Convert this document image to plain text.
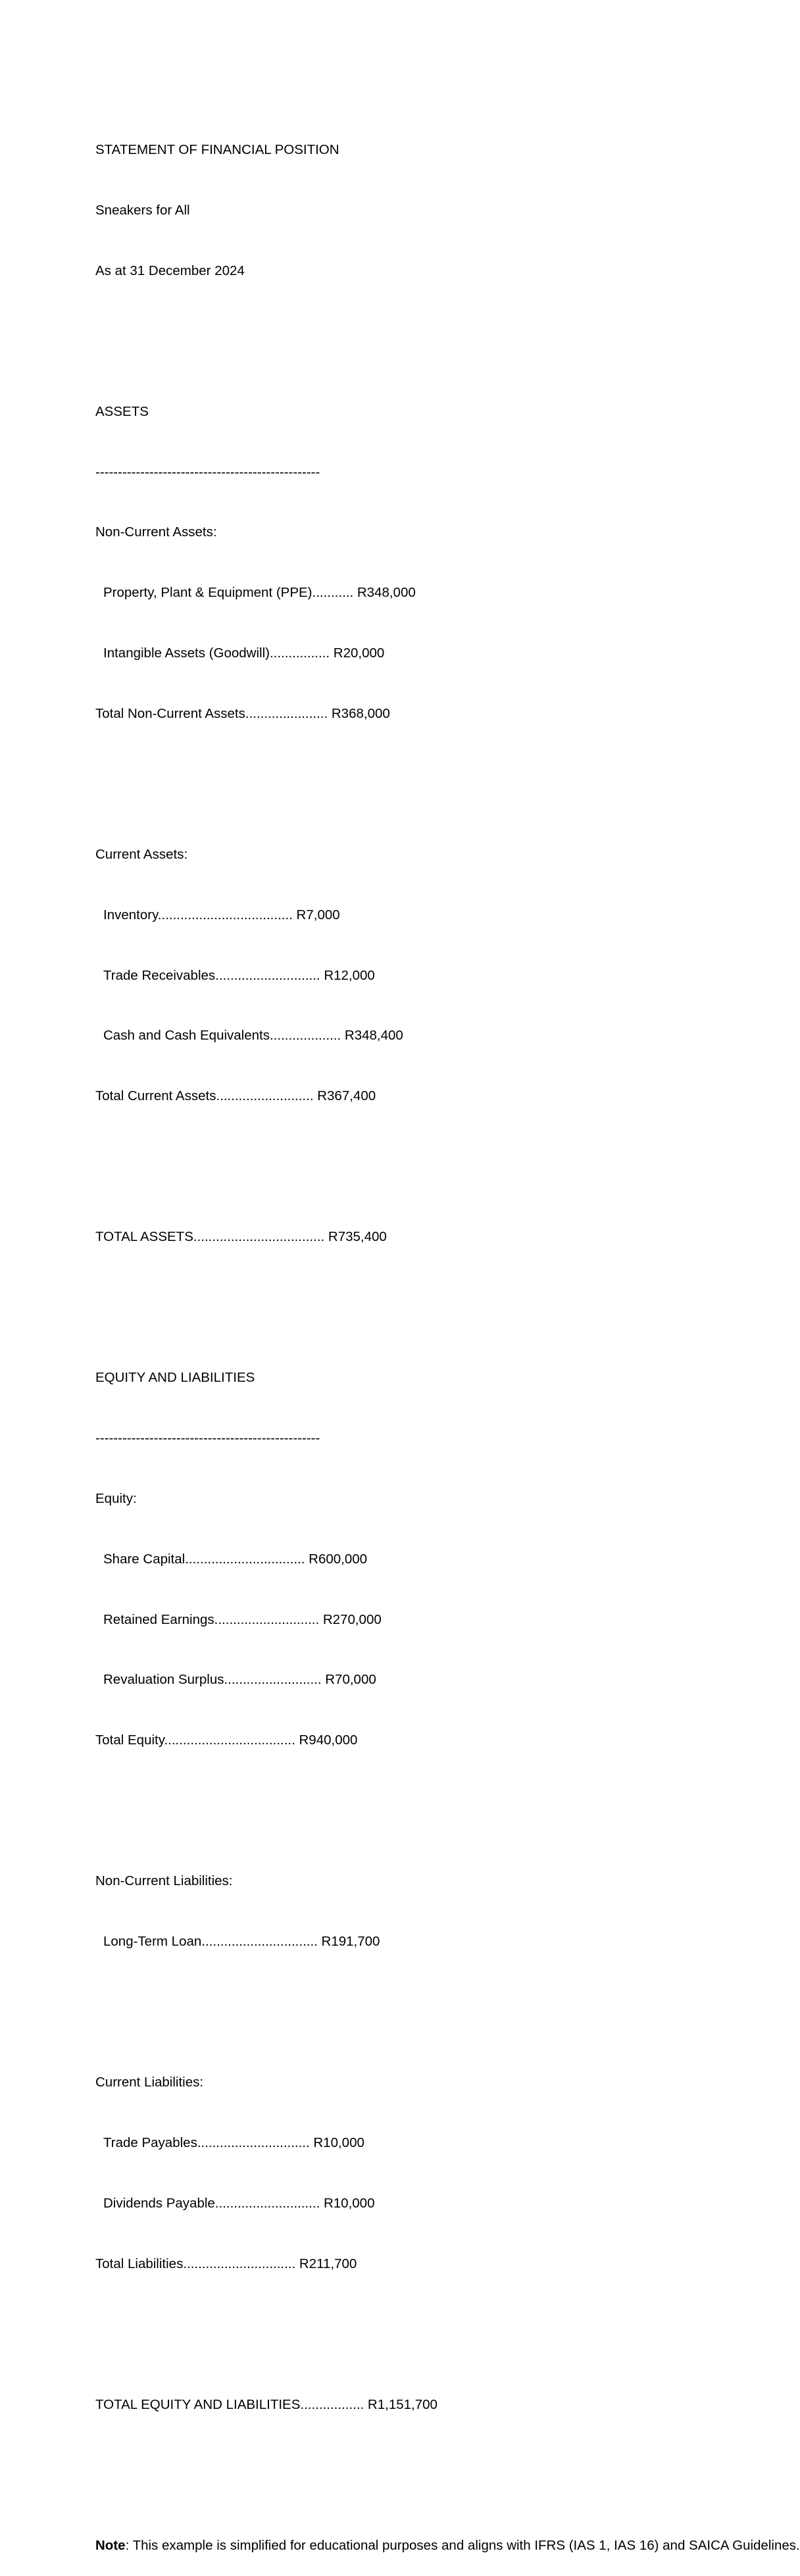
STATEMENT OF FINANCIAL POSITION

Sneakers for All

As at 31 December 2024

ASSETS

--------------------------------------------------

Non-Current Assets:

Property, Plant & Equipment (PPE)........... R348,000

Intangible Assets (Goodwill)................ R20,000

Total Non-Current Assets...................... R368,000

Current Assets:

Inventory.................................... R7,000

Trade Receivables............................ R12,000

Cash and Cash Equivalents................... R348,400

Total Current Assets.......................... R367,400

TOTAL ASSETS................................... R735,400

EQUITY AND LIABILITIES

--------------------------------------------------

Equity:

Share Capital................................ R600,000

Retained Earnings............................ R270,000

Revaluation Surplus.......................... R70,000

Total Equity................................... R940,000

Non-Current Liabilities:

Long-Term Loan............................... R191,700

Current Liabilities:

Trade Payables.............................. R10,000

Dividends Payable............................ R10,000

Total Liabilities.............................. R211,700

TOTAL EQUITY AND LIABILITIES................. R1,151,700

Note: This example is simplified for educational purposes and aligns with IFRS (IAS 1, IAS 16) and SAICA Guidelines.
